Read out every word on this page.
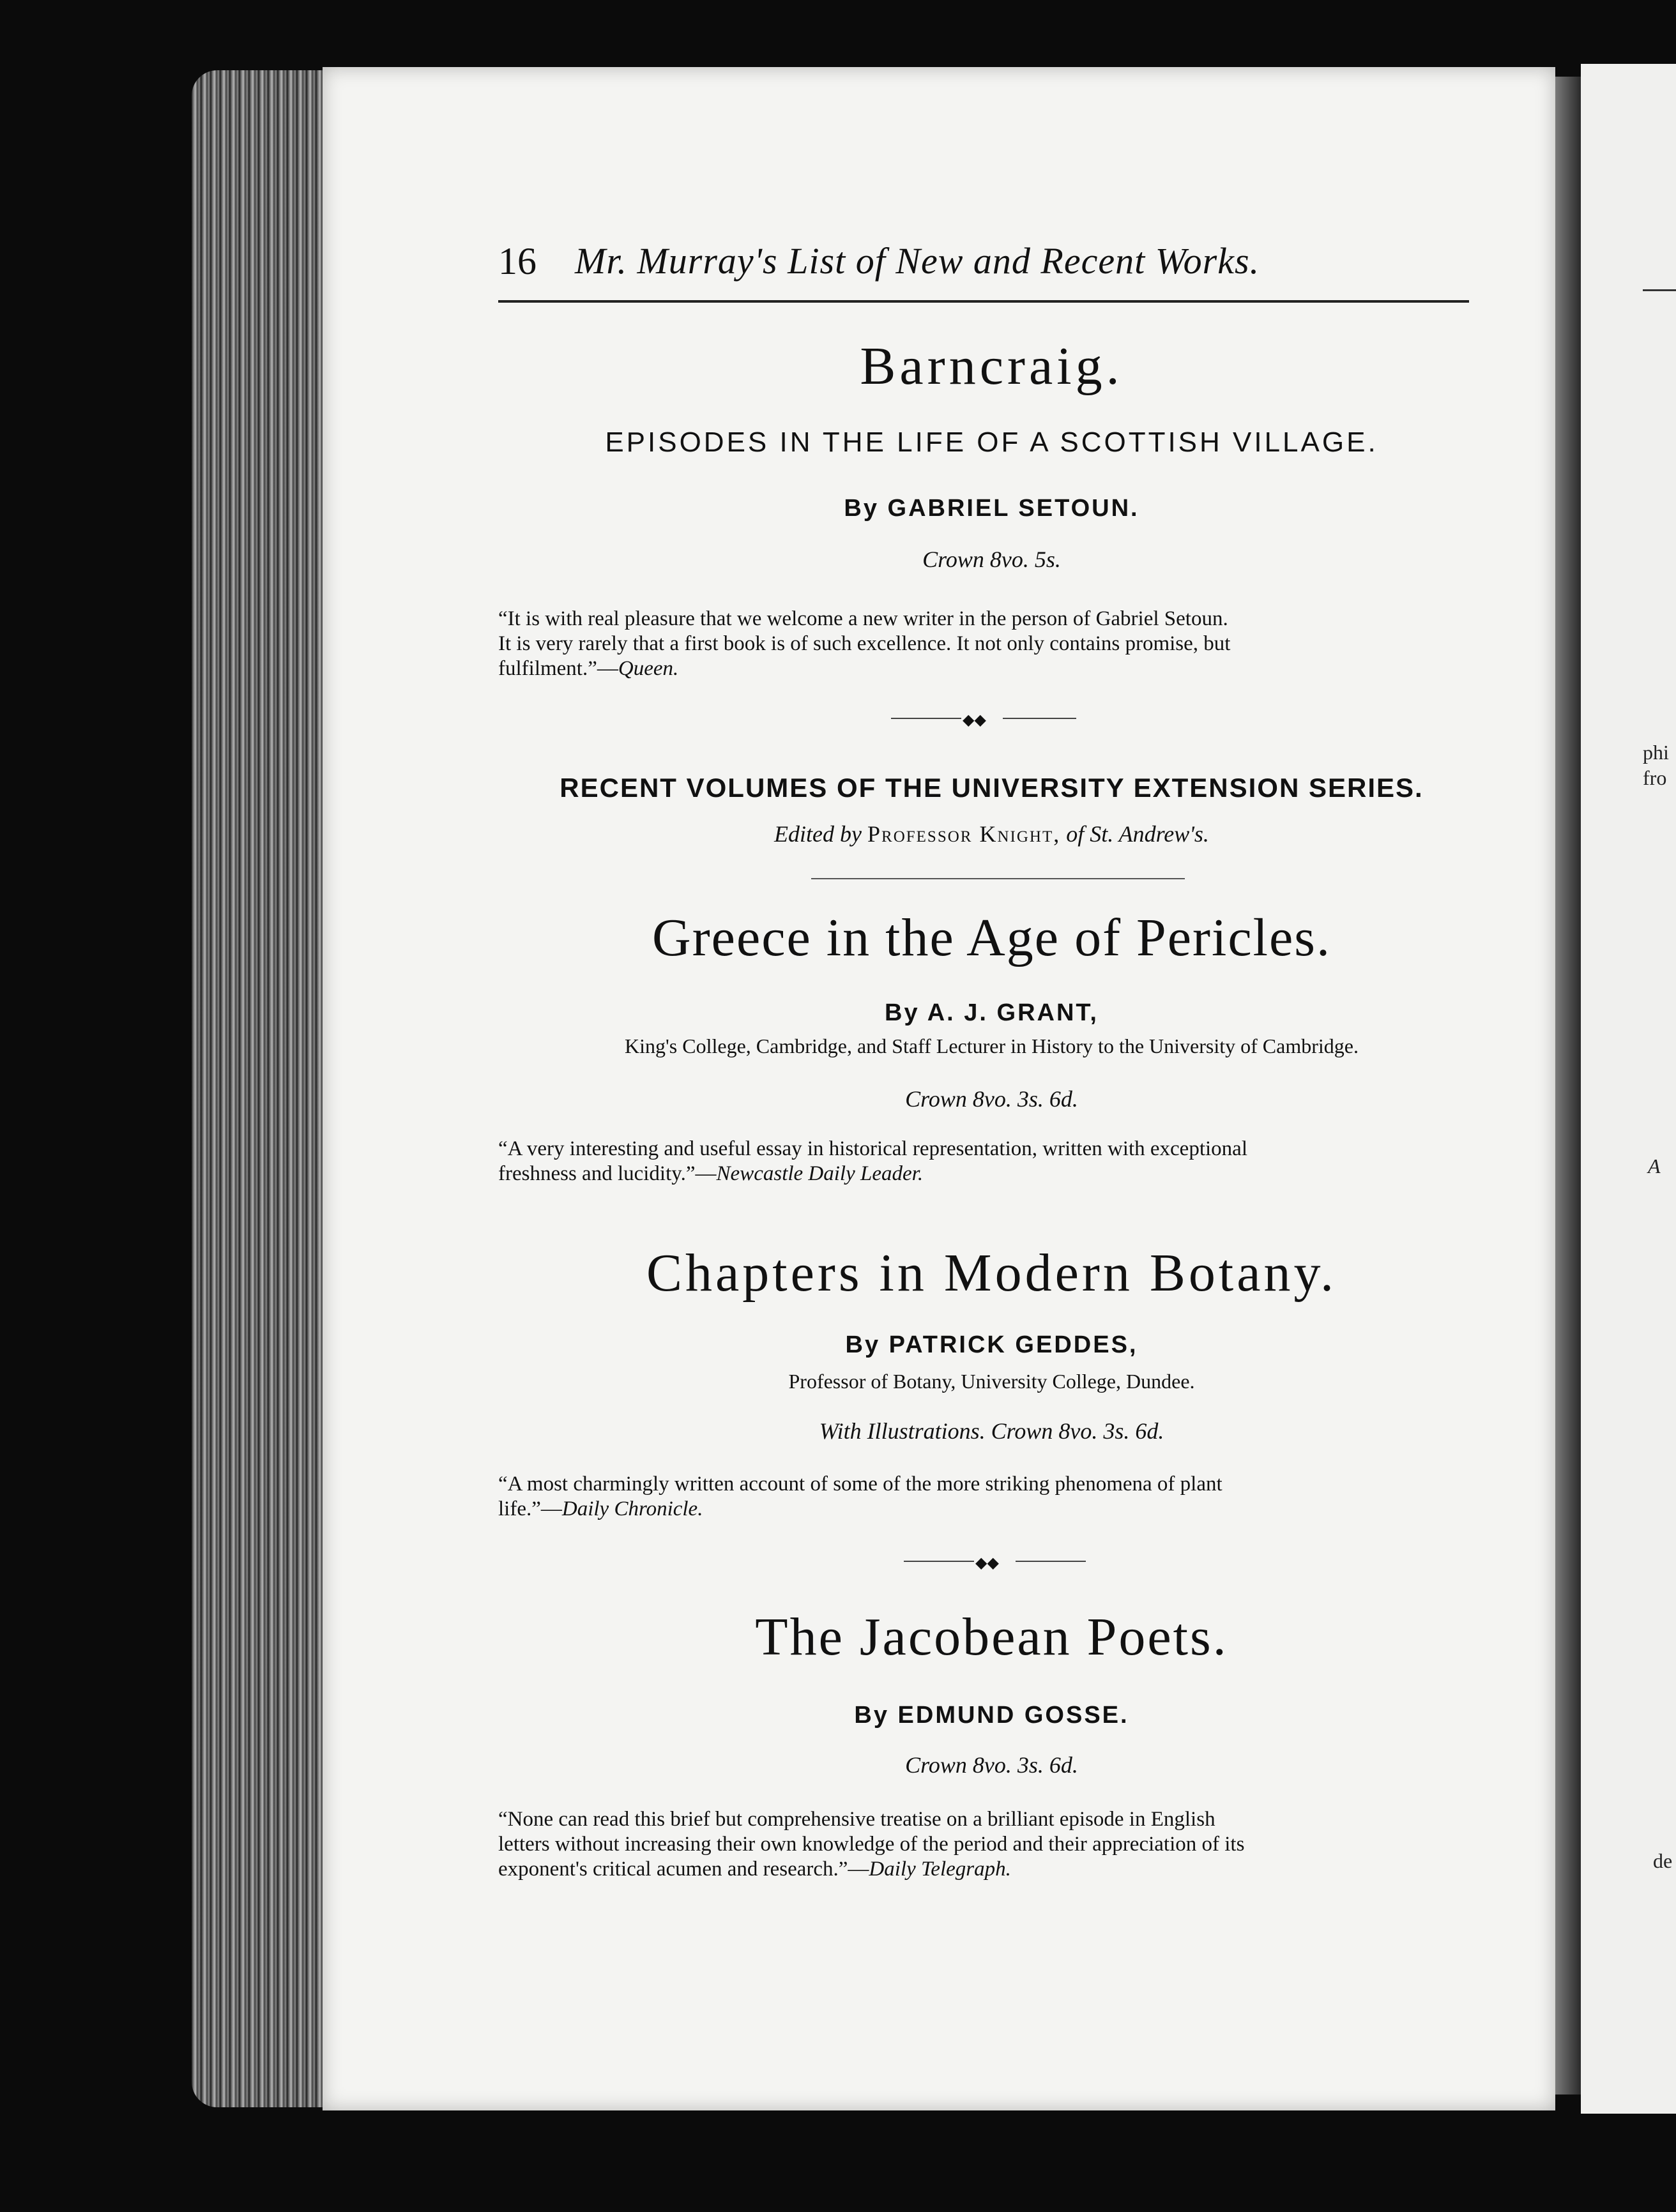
phi
fro
A
de
16 Mr. Murray's List of New and Recent Works.
Barncraig.
EPISODES IN THE LIFE OF A SCOTTISH VILLAGE.
By GABRIEL SETOUN.
Crown 8vo. 5s.
“It is with real pleasure that we welcome a new writer in the person of Gabriel Setoun.
It is very rarely that a first book is of such excellence. It not only contains promise, but
fulfilment.”—Queen.
◆◆
RECENT VOLUMES OF THE UNIVERSITY EXTENSION SERIES.
Edited by Professor Knight, of St. Andrew's.
Greece in the Age of Pericles.
By A. J. GRANT,
King's College, Cambridge, and Staff Lecturer in History to the University of Cambridge.
Crown 8vo. 3s. 6d.
“A very interesting and useful essay in historical representation, written with exceptional
freshness and lucidity.”—Newcastle Daily Leader.
Chapters in Modern Botany.
By PATRICK GEDDES,
Professor of Botany, University College, Dundee.
With Illustrations. Crown 8vo. 3s. 6d.
“A most charmingly written account of some of the more striking phenomena of plant
life.”—Daily Chronicle.
◆◆
The Jacobean Poets.
By EDMUND GOSSE.
Crown 8vo. 3s. 6d.
“None can read this brief but comprehensive treatise on a brilliant episode in English
letters without increasing their own knowledge of the period and their appreciation of its
exponent's critical acumen and research.”—Daily Telegraph.
